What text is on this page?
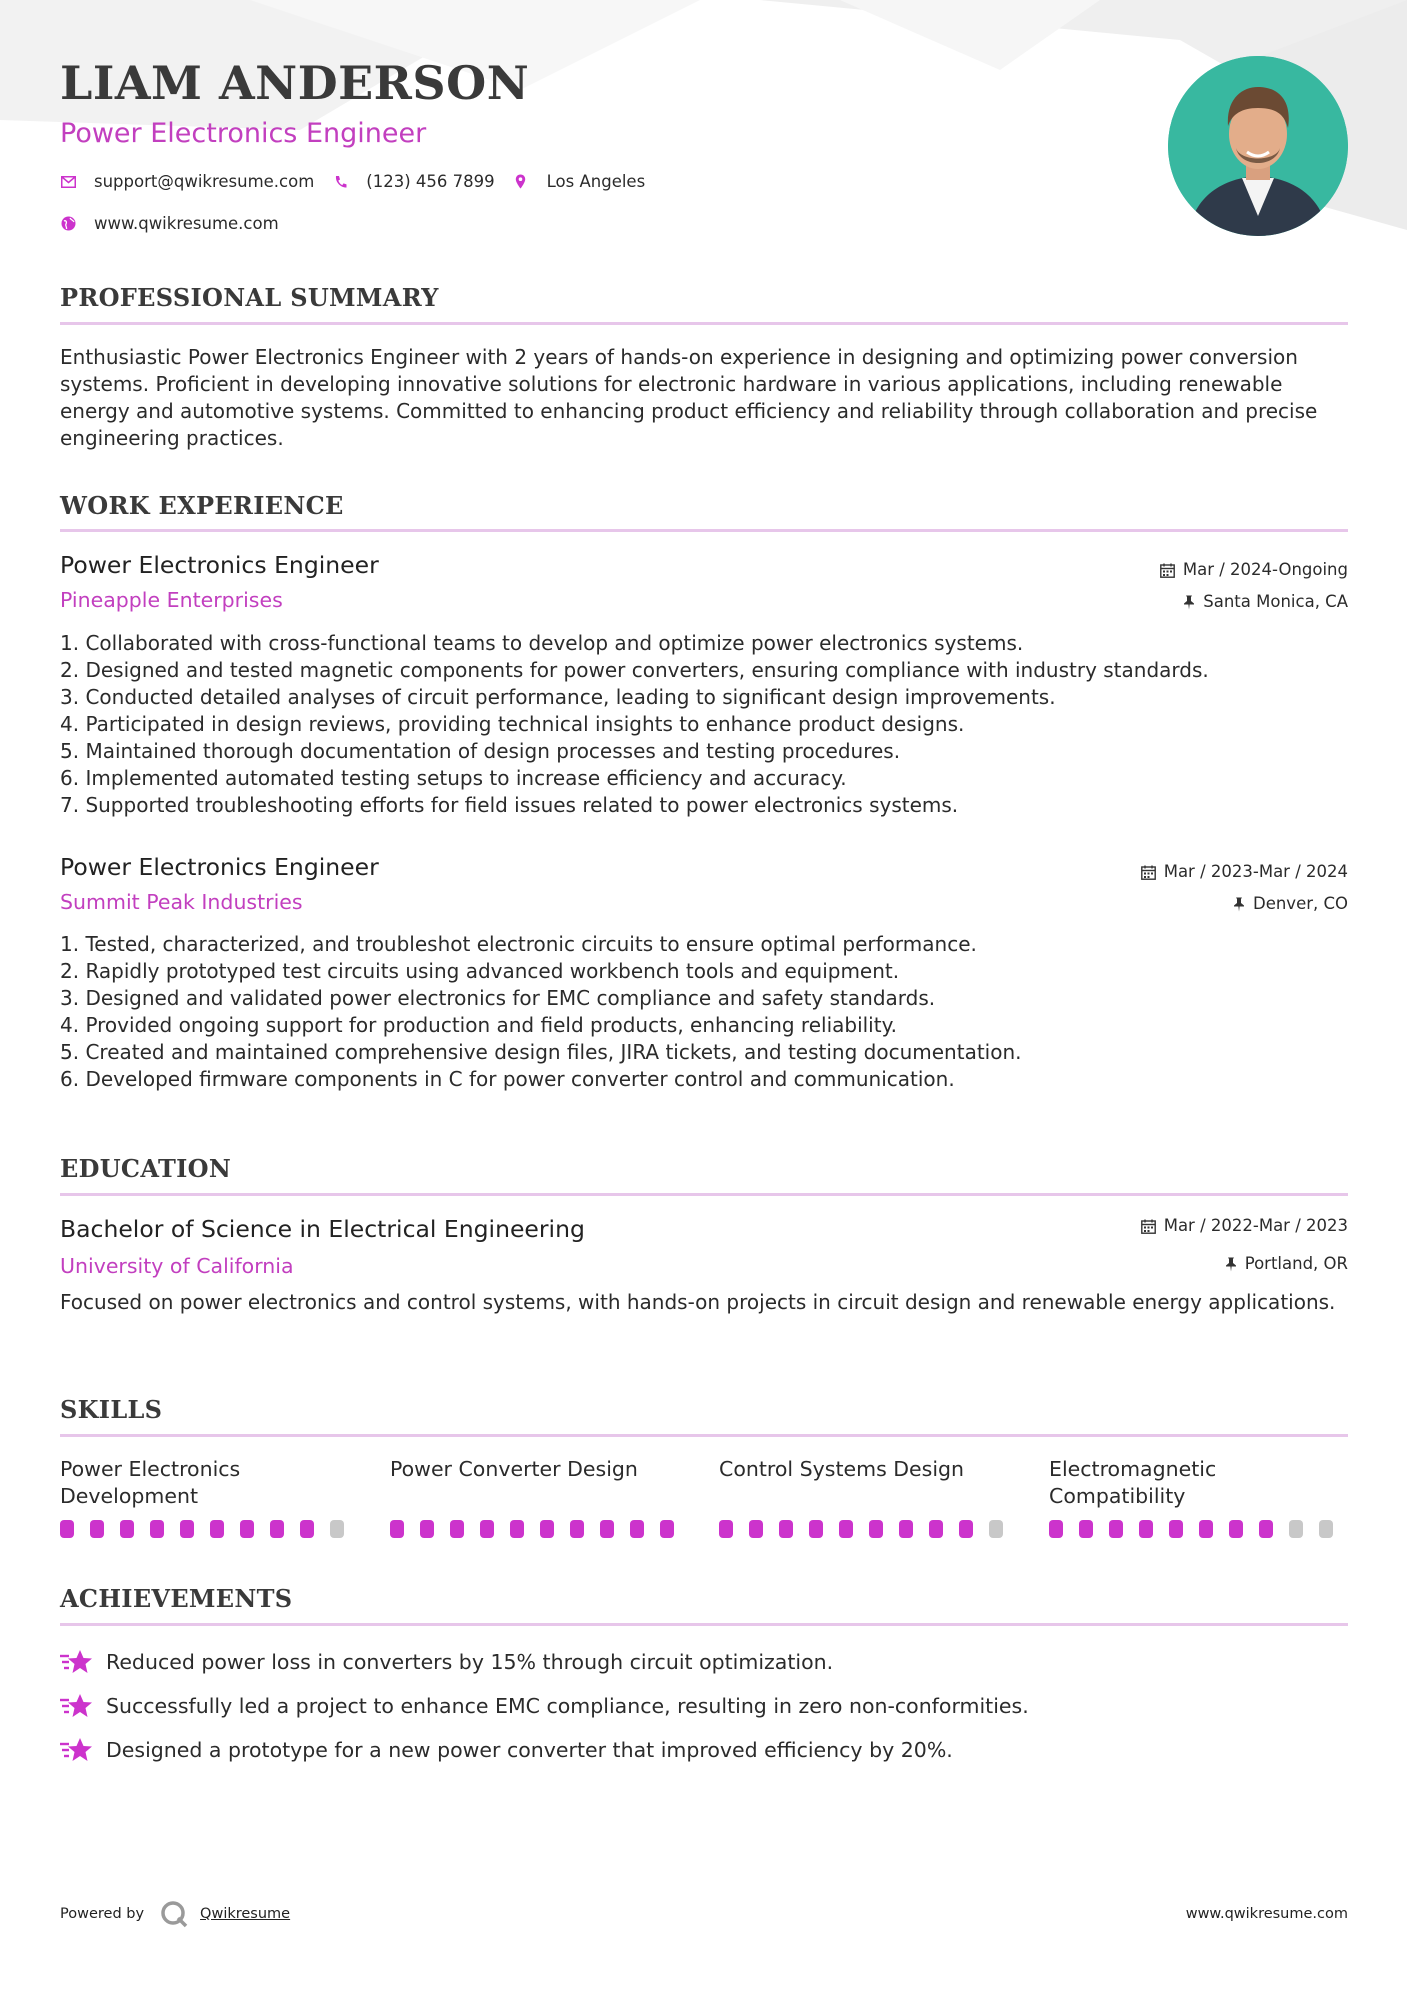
LIAM ANDERSON
Power Electronics Engineer
support@qwikresume.com	(123) 456 7899	Los Angeles
www.qwikresume.com
PROFESSIONAL SUMMARY

Enthusiastic Power Electronics Engineer with 2 years of hands-on experience in designing and optimizing power conversion systems. Proficient in developing innovative solutions for electronic hardware in various applications, including renewable energy and automotive systems. Committed to enhancing product efficiency and reliability through collaboration and precise engineering practices.

WORK EXPERIENCE
Power Electronics Engineer	Mar / 2024-Ongoing
Pineapple Enterprises	Santa Monica, CA
1. Collaborated with cross-functional teams to develop and optimize power electronics systems.
2. Designed and tested magnetic components for power converters, ensuring compliance with industry standards.
3. Conducted detailed analyses of circuit performance, leading to significant design improvements.
4. Participated in design reviews, providing technical insights to enhance product designs.
5. Maintained thorough documentation of design processes and testing procedures.
6. Implemented automated testing setups to increase efficiency and accuracy.
7. Supported troubleshooting efforts for field issues related to power electronics systems.
Power Electronics Engineer	Mar / 2023-Mar / 2024
Summit Peak Industries	Denver, CO
1. Tested, characterized, and troubleshot electronic circuits to ensure optimal performance.
2. Rapidly prototyped test circuits using advanced workbench tools and equipment.
3. Designed and validated power electronics for EMC compliance and safety standards.
4. Provided ongoing support for production and field products, enhancing reliability.
5. Created and maintained comprehensive design files, JIRA tickets, and testing documentation.
6. Developed firmware components in C for power converter control and communication.
EDUCATION
Bachelor of Science in Electrical Engineering	Mar / 2022-Mar / 2023
University of California	Portland, OR

Focused on power electronics and control systems, with hands-on projects in circuit design and renewable energy applications.

SKILLS
Power Electronics Development
Power Converter Design	Control Systems Design	Electromagnetic Compatibility
ACHIEVEMENTS
Reduced power loss in converters by 15% through circuit optimization.
Successfully led a project to enhance EMC compliance, resulting in zero non-conformities.
Designed a prototype for a new power converter that improved efficiency by 20%.
Powered by	Qwikresume	www.qwikresume.com
